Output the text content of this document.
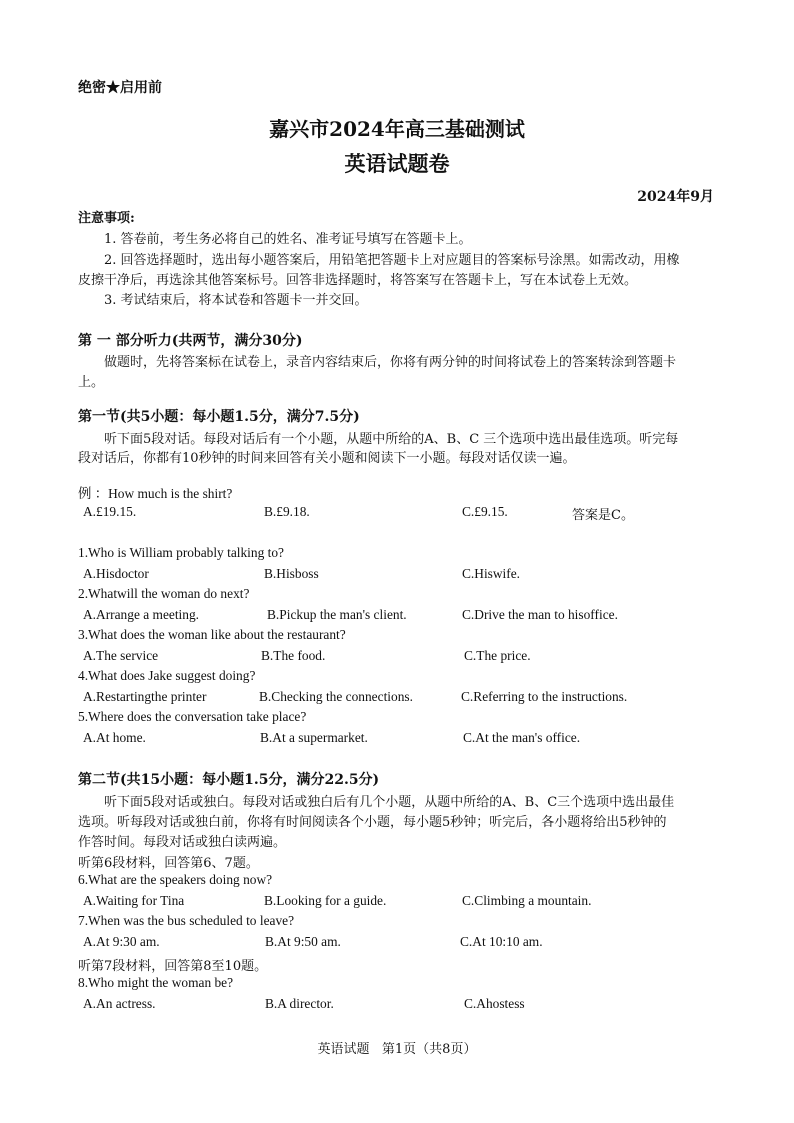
绝密★启用前
嘉兴市2024年高三基础测试
英语试题卷
2024年9月
注意事项:
1. 答卷前，考生务必将自己的姓名、准考证号填写在答题卡上。
2. 回答选择题时，选出每小题答案后，用铅笔把答题卡上对应题目的答案标号涂黑。如需改动，用橡
皮擦干净后，再选涂其他答案标号。回答非选择题时，将答案写在答题卡上，写在本试卷上无效。
3. 考试结束后，将本试卷和答题卡一并交回。
第 一 部分听力(共两节，满分30分)
做题时，先将答案标在试卷上，录音内容结束后，你将有两分钟的时间将试卷上的答案转涂到答题卡
上。
第一节(共5小题：每小题1.5分，满分7.5分)
听下面5段对话。每段对话后有一个小题，从题中所给的A、B、C 三个选项中选出最佳选项。听完每
段对话后，你都有10秒钟的时间来回答有关小题和阅读下一小题。每段对话仅读一遍。
例 ：How much is the shirt?
A.£19.15.	B.£9.18.	C.£9.15.	答案是C。
1.Who is William probably talking to?
A.Hisdoctor	B.Hisboss	C.Hiswife.
2.Whatwill the woman do next?
A.Arrange a meeting.	B.Pickup the man's client.	C.Drive the man to hisoffice.
3.What does the woman like about the restaurant?
A.The service	B.The food.	C.The price.
4.What does Jake suggest doing?
A.Restartingthe printer	B.Checking the connections.	C.Referring to the instructions.
5.Where does the conversation take place?
A.At home.	B.At a supermarket.	C.At the man's office.
第二节(共15小题：每小题1.5分，满分22.5分)
听下面5段对话或独白。每段对话或独白后有几个小题，从题中所给的A、B、C三个选项中选出最佳
选项。听每段对话或独白前，你将有时间阅读各个小题，每小题5秒钟；听完后，各小题将给出5秒钟的
作答时间。每段对话或独白读两遍。
听第6段材料，回答第6、7题。
6.What are the speakers doing now?
A.Waiting for Tina	B.Looking for a guide.	C.Climbing a mountain.
7.When was the bus scheduled to leave?
A.At 9:30 am.	B.At 9:50 am.	C.At 10:10 am.
听第7段材料，回答第8至10题。
8.Who might the woman be?
A.An actress.	B.A director.	C.Ahostess
英语试题   第1页（共8页）
